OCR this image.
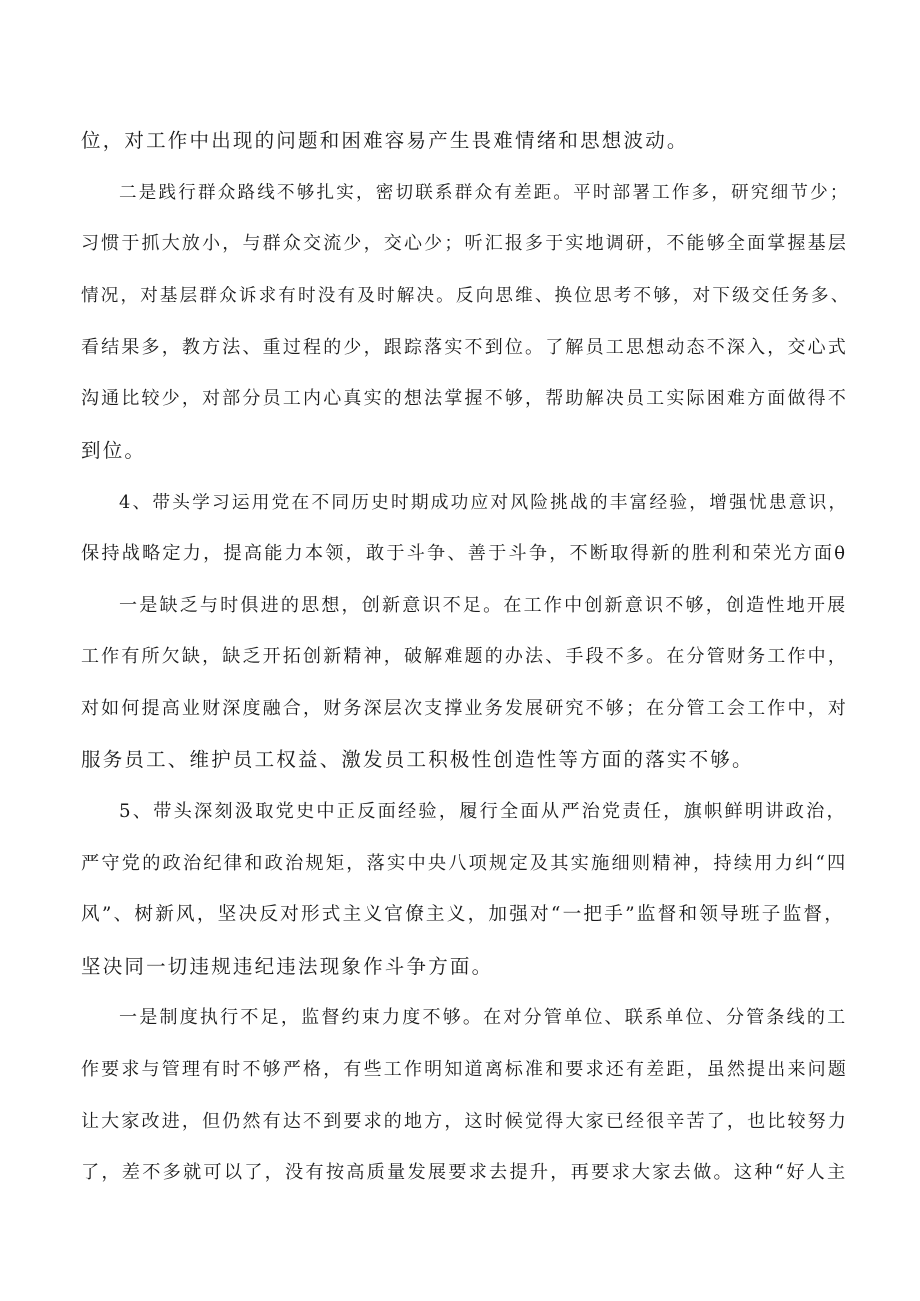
位，对工作中出现的问题和困难容易产生畏难情绪和思想波动。
二是践行群众路线不够扎实，密切联系群众有差距。平时部署工作多，研究细节少；
习惯于抓大放小，与群众交流少，交心少；听汇报多于实地调研，不能够全面掌握基层
情况，对基层群众诉求有时没有及时解决。反向思维、换位思考不够，对下级交任务多、
看结果多，教方法、重过程的少，跟踪落实不到位。了解员工思想动态不深入，交心式
沟通比较少，对部分员工内心真实的想法掌握不够，帮助解决员工实际困难方面做得不
到位。
4、带头学习运用党在不同历史时期成功应对风险挑战的丰富经验，增强忧患意识，
保持战略定力，提高能力本领，敢于斗争、善于斗争，不断取得新的胜利和荣光方面θ
一是缺乏与时俱进的思想，创新意识不足。在工作中创新意识不够，创造性地开展
工作有所欠缺，缺乏开拓创新精神，破解难题的办法、手段不多。在分管财务工作中，
对如何提高业财深度融合，财务深层次支撑业务发展研究不够；在分管工会工作中，对
服务员工、维护员工权益、激发员工积极性创造性等方面的落实不够。
5、带头深刻汲取党史中正反面经验，履行全面从严治党责任，旗帜鲜明讲政治，
严守党的政治纪律和政治规矩，落实中央八项规定及其实施细则精神，持续用力纠“四
风”、树新风，坚决反对形式主义官僚主义，加强对“一把手”监督和领导班子监督，
坚决同一切违规违纪违法现象作斗争方面。
一是制度执行不足，监督约束力度不够。在对分管单位、联系单位、分管条线的工
作要求与管理有时不够严格，有些工作明知道离标准和要求还有差距，虽然提出来问题
让大家改进，但仍然有达不到要求的地方，这时候觉得大家已经很辛苦了，也比较努力
了，差不多就可以了，没有按高质量发展要求去提升，再要求大家去做。这种“好人主
